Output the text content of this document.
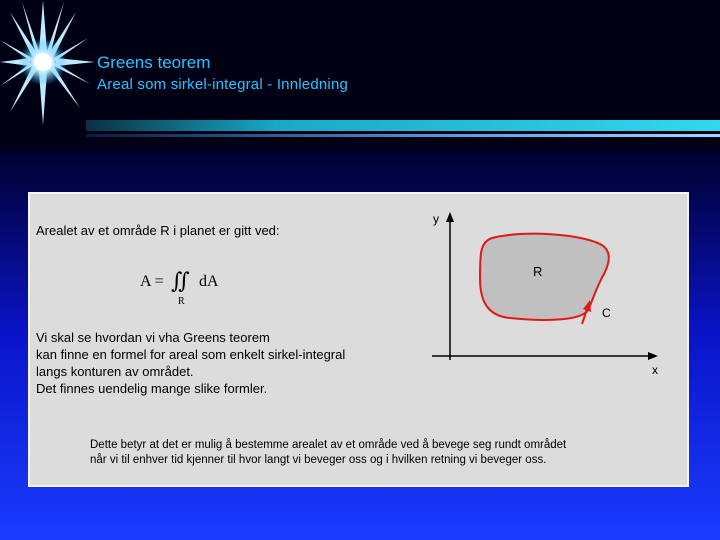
Greens teorem
Areal som sirkel-integral - Innledning
Arealet av et område R i planet er gitt ved:
A = ∬ dA
R
Vi skal se hvordan vi vha Greens teorem
kan finne en formel for areal som enkelt sirkel-integral
langs konturen av området.
Det finnes uendelig mange slike formler.
Dette betyr at det er mulig å bestemme arealet av et område ved å bevege seg rundt området
når vi til enhver tid kjenner til hvor langt vi beveger oss og i hvilken retning vi beveger oss.
y
x
R
C
